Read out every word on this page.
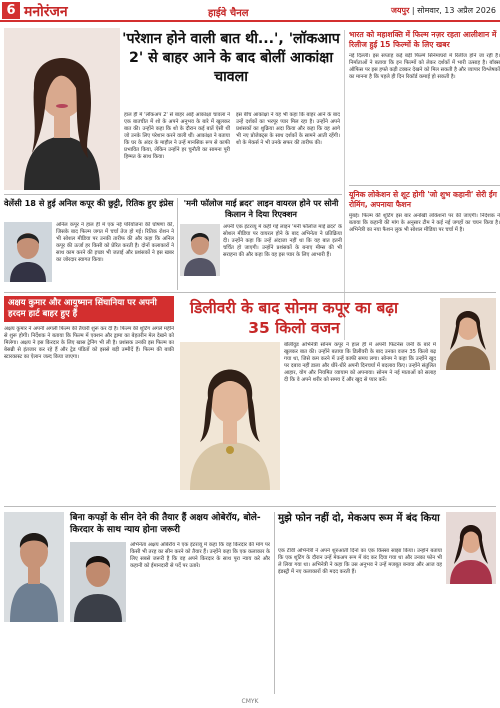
6 मनोरंजन	हाईवे चैनल	जयपुर | सोमवार, 13 अप्रैल 2026
'परेशान होने वाली बात थी...', 'लॉकआप 2' से बाहर आने के बाद बोलीं आकांक्षा चावला
हाल ही में 'लॉकअप 2' से बाहर आईं आकांक्षा चावला ने एक बातचीत में शो के अपने अनुभव के बारे में खुलकर बात की। उन्होंने कहा कि शो के दौरान कई बातें ऐसी थीं जो उनके लिए परेशान करने वाली थीं। आकांक्षा ने बताया कि घर के अंदर के माहौल ने उन्हें मानसिक रूप से काफी प्रभावित किया, लेकिन उन्होंने हर चुनौती का सामना पूरी हिम्मत के साथ किया।
इस बीच आकांक्षा ने यह भी कहा कि बाहर आने के बाद उन्हें दर्शकों का भरपूर प्यार मिल रहा है। उन्होंने अपने प्रशंसकों का शुक्रिया अदा किया और कहा कि वह आगे भी नए प्रोजेक्ट्स के साथ दर्शकों के सामने आती रहेंगी। शो के मेकर्स ने भी उनके सफर की तारीफ की।
भारत को महाशक्ति में फिल्म नज़र रहता आलीशान में रिलीज हुई 15 फिल्मों के लिए खबर
नई दिल्ली। इस सप्ताह कई बड़ी फिल्में सिनेमाघरों में रिलीज होने जा रही हैं। निर्माताओं ने बताया कि इन फिल्मों को लेकर दर्शकों में भारी उत्साह है। बॉक्स ऑफिस पर इस हफ्ते कड़ी टक्कर देखने को मिल सकती है और व्यापार विश्लेषकों का मानना है कि पहले ही दिन रिकॉर्ड कमाई हो सकती है।
यूनिक लोकेशन से शूट होगी 'जो शुभ कहानी' सेरी ईंग रोमिंग, अपनाया फैशन
मुंबई। फिल्म की शूटिंग इस बार अनोखी लोकेशनों पर की जाएगी। निर्देशक ने बताया कि कहानी की मांग के अनुसार टीम ने कई नई जगहों का चयन किया है। अभिनेत्री का नया फैशन लुक भी सोशल मीडिया पर चर्चा में है।
वेलेंसी 18 से हुई अनिल कपूर की छुट्टी, रितिक हुए इंप्रेस
अनिल कपूर ने हाल ही में एक नई परियोजना की घोषणा की, जिसके बाद फिल्म जगत में चर्चा तेज हो गई। रितिक रोशन ने भी सोशल मीडिया पर उनकी तारीफ की और कहा कि अनिल कपूर की ऊर्जा हर किसी को प्रेरित करती है। दोनों कलाकारों ने साथ काम करने की इच्छा भी जताई और प्रशंसकों ने इस खबर का जोरदार स्वागत किया।
'मनी फॉलोज माई ब्रदर' लाइन वायरल होने पर सोनी किलान ने दिया रिएक्शन
अपनी एक इंटरव्यू में कही गई लाइन 'मनी फॉलोज माई ब्रदर' के सोशल मीडिया पर वायरल होने के बाद अभिनेता ने प्रतिक्रिया दी। उन्होंने कहा कि उन्हें अंदाजा नहीं था कि यह बात इतनी चर्चित हो जाएगी। उन्होंने प्रशंसकों के बनाए मीम्स की भी सराहना की और कहा कि वह इस प्यार के लिए आभारी हैं।
अक्षय कुमार और आयुष्मान सिंघानिया पर अपनी हरदम हार्ट बाहर हुए हैं
अक्षय कुमार ने अपनी अगली फिल्म की तैयारी शुरू कर दी है। फिल्म की शूटिंग अगले महीने से शुरू होगी। निर्देशक ने बताया कि फिल्म में एक्शन और ड्रामा का बेहतरीन मेल देखने को मिलेगा। अक्षय ने इस किरदार के लिए खास ट्रेनिंग भी ली है। प्रशंसक उनकी इस फिल्म का बेसब्री से इंतजार कर रहे हैं और ट्रेड पंडितों को इससे बड़ी उम्मीदें हैं। फिल्म की बाकी स्टारकास्ट का ऐलान जल्द किया जाएगा।
डिलीवरी के बाद सोनम कपूर का बढ़ा 35 किलो वजन
बॉलीवुड अभिनेत्री सोनम कपूर ने हाल ही में अपनी फिटनेस जर्नी के बारे में खुलकर बात की। उन्होंने बताया कि डिलीवरी के बाद उनका वजन 35 किलो बढ़ गया था, जिसे कम करने में उन्हें काफी समय लगा। सोनम ने कहा कि उन्होंने खुद पर दबाव नहीं डाला और धीरे-धीरे अपनी दिनचर्या में बदलाव किए। उन्होंने संतुलित आहार, योग और नियमित व्यायाम को अपनाया। सोनम ने नई माताओं को सलाह दी कि वे अपने शरीर को समय दें और खुद से प्यार करें।
बिना कपड़ों के सीन देने की तैयार हैं अक्षय ओबेरॉय, बोले- किरदार के साथ न्याय होना जरूरी
अभिनेता अक्षय ओबेरॉय ने एक इंटरव्यू में कहा कि वह किरदार की मांग पर किसी भी तरह का सीन करने को तैयार हैं। उन्होंने कहा कि एक कलाकार के लिए सबसे जरूरी है कि वह अपने किरदार के साथ पूरा न्याय करे और कहानी को ईमानदारी से पर्दे पर उतारे।
मुझे फोन नहीं दो, मेकअप रूम में बंद किया
एक टीवी अभिनेत्री ने अपने शुरुआती दिनों का एक किस्सा साझा किया। उन्होंने बताया कि एक शूटिंग के दौरान उन्हें मेकअप रूम में बंद कर दिया गया था और उनका फोन भी ले लिया गया था। अभिनेत्री ने कहा कि उस अनुभव ने उन्हें मजबूत बनाया और आज वह इंडस्ट्री में नए कलाकारों की मदद करती हैं।
CMYK
